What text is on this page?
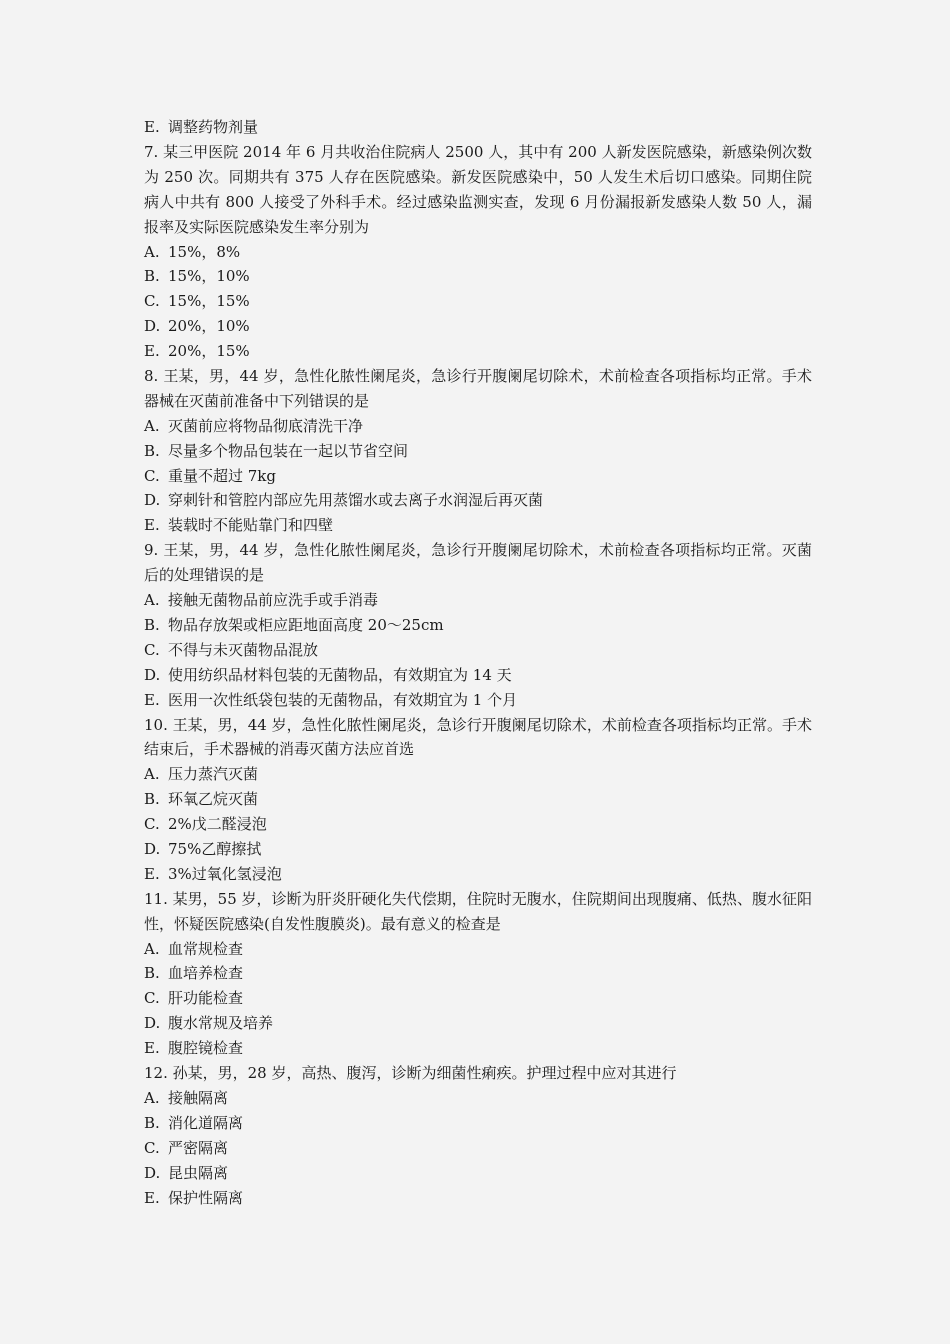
E. 调整药物剂量
7. 某三甲医院 2014 年 6 月共收治住院病人 2500 人，其中有 200 人新发医院感染，新感染例次数为 250 次。同期共有 375 人存在医院感染。新发医院感染中，50 人发生术后切口感染。同期住院病人中共有 800 人接受了外科手术。经过感染监测实查，发现 6 月份漏报新发感染人数 50 人，漏报率及实际医院感染发生率分别为
A. 15%，8%
B. 15%，10%
C. 15%，15%
D. 20%，10%
E. 20%，15%
8. 王某，男，44 岁，急性化脓性阑尾炎，急诊行开腹阑尾切除术，术前检查各项指标均正常。手术器械在灭菌前准备中下列错误的是
A. 灭菌前应将物品彻底清洗干净
B. 尽量多个物品包装在一起以节省空间
C. 重量不超过 7kg
D. 穿刺针和管腔内部应先用蒸馏水或去离子水润湿后再灭菌
E. 装载时不能贴靠门和四壁
9. 王某，男，44 岁，急性化脓性阑尾炎，急诊行开腹阑尾切除术，术前检查各项指标均正常。灭菌后的处理错误的是
A. 接触无菌物品前应洗手或手消毒
B. 物品存放架或柜应距地面高度 20～25cm
C. 不得与未灭菌物品混放
D. 使用纺织品材料包装的无菌物品，有效期宜为 14 天
E. 医用一次性纸袋包装的无菌物品，有效期宜为 1 个月
10. 王某，男，44 岁，急性化脓性阑尾炎，急诊行开腹阑尾切除术，术前检查各项指标均正常。手术结束后，手术器械的消毒灭菌方法应首选
A. 压力蒸汽灭菌
B. 环氧乙烷灭菌
C. 2%戊二醛浸泡
D. 75%乙醇擦拭
E. 3%过氧化氢浸泡
11. 某男，55 岁，诊断为肝炎肝硬化失代偿期，住院时无腹水，住院期间出现腹痛、低热、腹水征阳性，怀疑医院感染(自发性腹膜炎)。最有意义的检查是
A. 血常规检查
B. 血培养检查
C. 肝功能检查
D. 腹水常规及培养
E. 腹腔镜检查
12. 孙某，男，28 岁，高热、腹泻，诊断为细菌性痢疾。护理过程中应对其进行
A. 接触隔离
B. 消化道隔离
C. 严密隔离
D. 昆虫隔离
E. 保护性隔离
